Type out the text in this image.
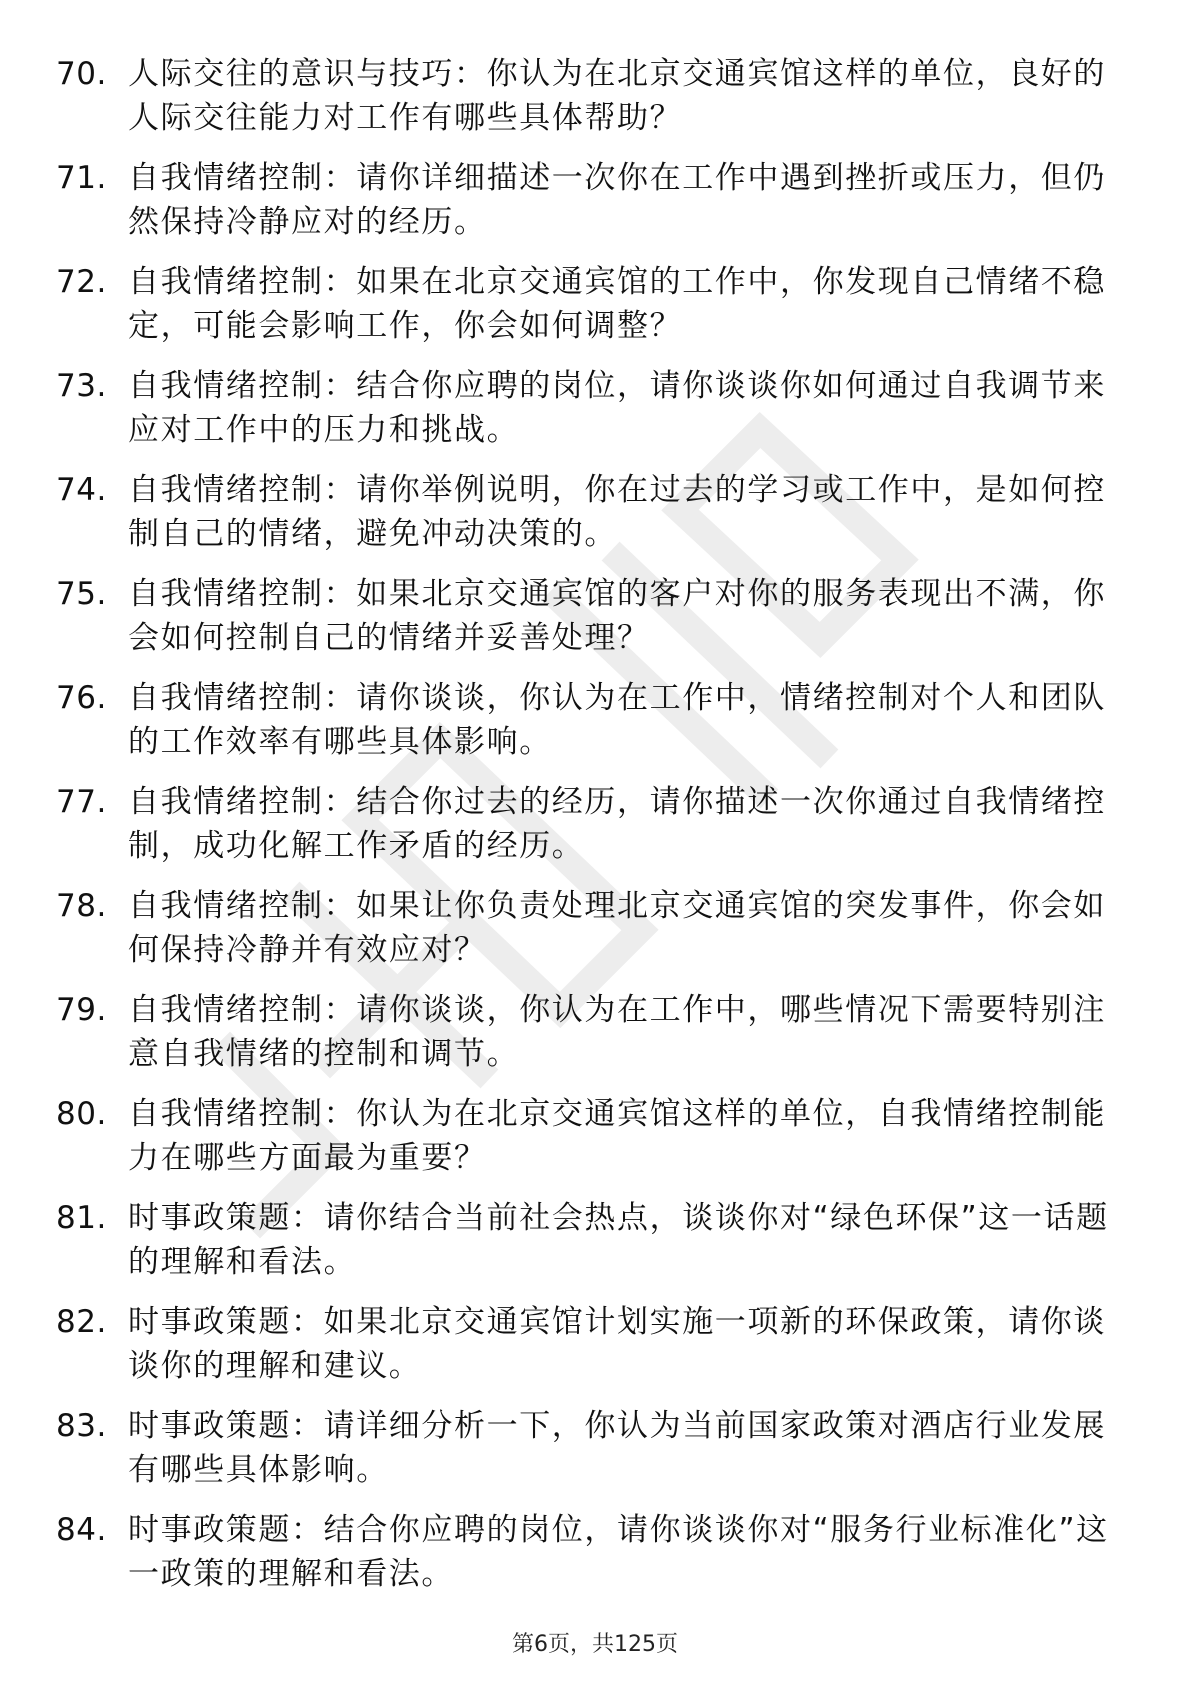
70. 人际交往的意识与技巧：你认为在北京交通宾馆这样的单位，良好的人际交往能力对工作有哪些具体帮助？
71. 自我情绪控制：请你详细描述一次你在工作中遇到挫折或压力，但仍然保持冷静应对的经历。
72. 自我情绪控制：如果在北京交通宾馆的工作中，你发现自己情绪不稳定，可能会影响工作，你会如何调整？
73. 自我情绪控制：结合你应聘的岗位，请你谈谈你如何通过自我调节来应对工作中的压力和挑战。
74. 自我情绪控制：请你举例说明，你在过去的学习或工作中，是如何控制自己的情绪，避免冲动决策的。
75. 自我情绪控制：如果北京交通宾馆的客户对你的服务表现出不满，你会如何控制自己的情绪并妥善处理？
76. 自我情绪控制：请你谈谈，你认为在工作中，情绪控制对个人和团队的工作效率有哪些具体影响。
77. 自我情绪控制：结合你过去的经历，请你描述一次你通过自我情绪控制，成功化解工作矛盾的经历。
78. 自我情绪控制：如果让你负责处理北京交通宾馆的突发事件，你会如何保持冷静并有效应对？
79. 自我情绪控制：请你谈谈，你认为在工作中，哪些情况下需要特别注意自我情绪的控制和调节。
80. 自我情绪控制：你认为在北京交通宾馆这样的单位，自我情绪控制能力在哪些方面最为重要？
81. 时事政策题：请你结合当前社会热点，谈谈你对“绿色环保”这一话题的理解和看法。
82. 时事政策题：如果北京交通宾馆计划实施一项新的环保政策，请你谈谈你的理解和建议。
83. 时事政策题：请详细分析一下，你认为当前国家政策对酒店行业发展有哪些具体影响。
84. 时事政策题：结合你应聘的岗位，请你谈谈你对“服务行业标准化”这一政策的理解和看法。
第6页，共125页
